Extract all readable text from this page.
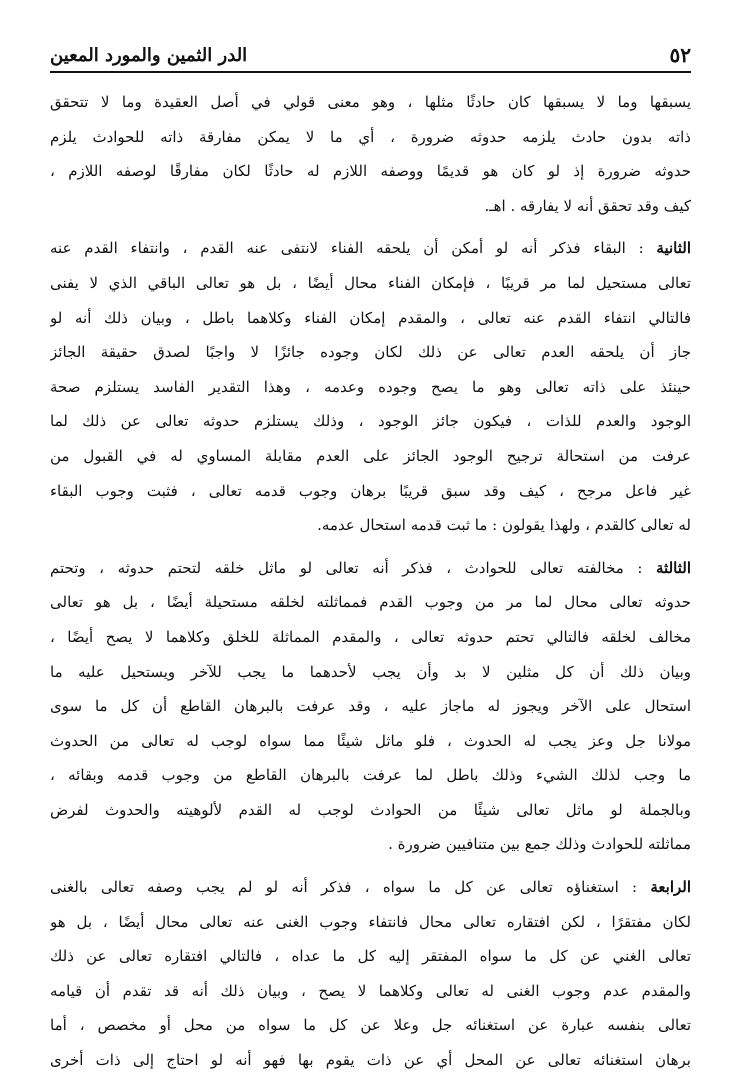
٥٢
الدر الثمين والمورد المعين
يسبقها وما لا يسبقها كان حادثًا مثلها ، وهو معنى قولي في أصل العقيدة وما لا تتحقق
ذاته بدون حادث يلزمه حدوثه ضرورة ، أي ما لا يمكن مفارقة ذاته للحوادث يلزم
حدوثه ضرورة إذ لو كان هو قديمًا ووصفه اللازم له حادثًا لكان مفارقًا لوصفه اللازم ،
كيف وقد تحقق أنه لا يفارقه . اهـ.
الثانية : البقاء فذكر أنه لو أمكن أن يلحقه الفناء لانتفى عنه القدم ، وانتفاء القدم عنه
تعالى مستحيل لما مر قريبًا ، فإمكان الفناء محال أيضًا ، بل هو تعالى الباقي الذي لا يفنى
فالتالي انتفاء القدم عنه تعالى ، والمقدم إمكان الفناء وكلاهما باطل ، وبيان ذلك أنه لو
جاز أن يلحقه العدم تعالى عن ذلك لكان وجوده جائزًا لا واجبًا لصدق حقيقة الجائز
حينئذ على ذاته تعالى وهو ما يصح وجوده وعدمه ، وهذا التقدير الفاسد يستلزم صحة
الوجود والعدم للذات ، فيكون جائز الوجود ، وذلك يستلزم حدوثه تعالى عن ذلك لما
عرفت من استحالة ترجيح الوجود الجائز على العدم مقابلة المساوي له في القبول من
غير فاعل مرجح ، كيف وقد سبق قريبًا برهان وجوب قدمه تعالى ، فثبت وجوب البقاء
له تعالى كالقدم ، ولهذا يقولون : ما ثبت قدمه استحال عدمه.
الثالثة : مخالفته تعالى للحوادث ، فذكر أنه تعالى لو ماثل خلقه لتحتم حدوثه ، وتحتم
حدوثه تعالى محال لما مر من وجوب القدم فمماثلته لخلقه مستحيلة أيضًا ، بل هو تعالى
مخالف لخلقه فالتالي تحتم حدوثه تعالى ، والمقدم المماثلة للخلق وكلاهما لا يصح أيضًا ،
وبيان ذلك أن كل مثلين لا بد وأن يجب لأحدهما ما يجب للآخر ويستحيل عليه ما
استحال على الآخر ويجوز له ماجاز عليه ، وقد عرفت بالبرهان القاطع أن كل ما سوى
مولانا جل وعز يجب له الحدوث ، فلو ماثل شيئًا مما سواه لوجب له تعالى من الحدوث
ما وجب لذلك الشيء وذلك باطل لما عرفت بالبرهان القاطع من وجوب قدمه وبقائه ،
وبالجملة لو ماثل تعالى شيئًا من الحوادث لوجب له القدم لألوهيته والحدوث لفرض
مماثلته للحوادث وذلك جمع بين متنافيين ضرورة .
الرابعة : استغناؤه تعالى عن كل ما سواه ، فذكر أنه لو لم يجب وصفه تعالى بالغنى
لكان مفتقرًا ، لكن افتقاره تعالى محال فانتفاء وجوب الغنى عنه تعالى محال أيضًا ، بل هو
تعالى الغني عن كل ما سواه المفتقر إليه كل ما عداه ، فالتالي افتقاره تعالى عن ذلك
والمقدم عدم وجوب الغنى له تعالى وكلاهما لا يصح ، وبيان ذلك أنه قد تقدم أن قيامه
تعالى بنفسه عبارة عن استغنائه جل وعلا عن كل ما سواه من محل أو مخصص ، أما
برهان استغنائه تعالى عن المحل أي عن ذات يقوم بها فهو أنه لو احتاج إلى ذات أخرى
